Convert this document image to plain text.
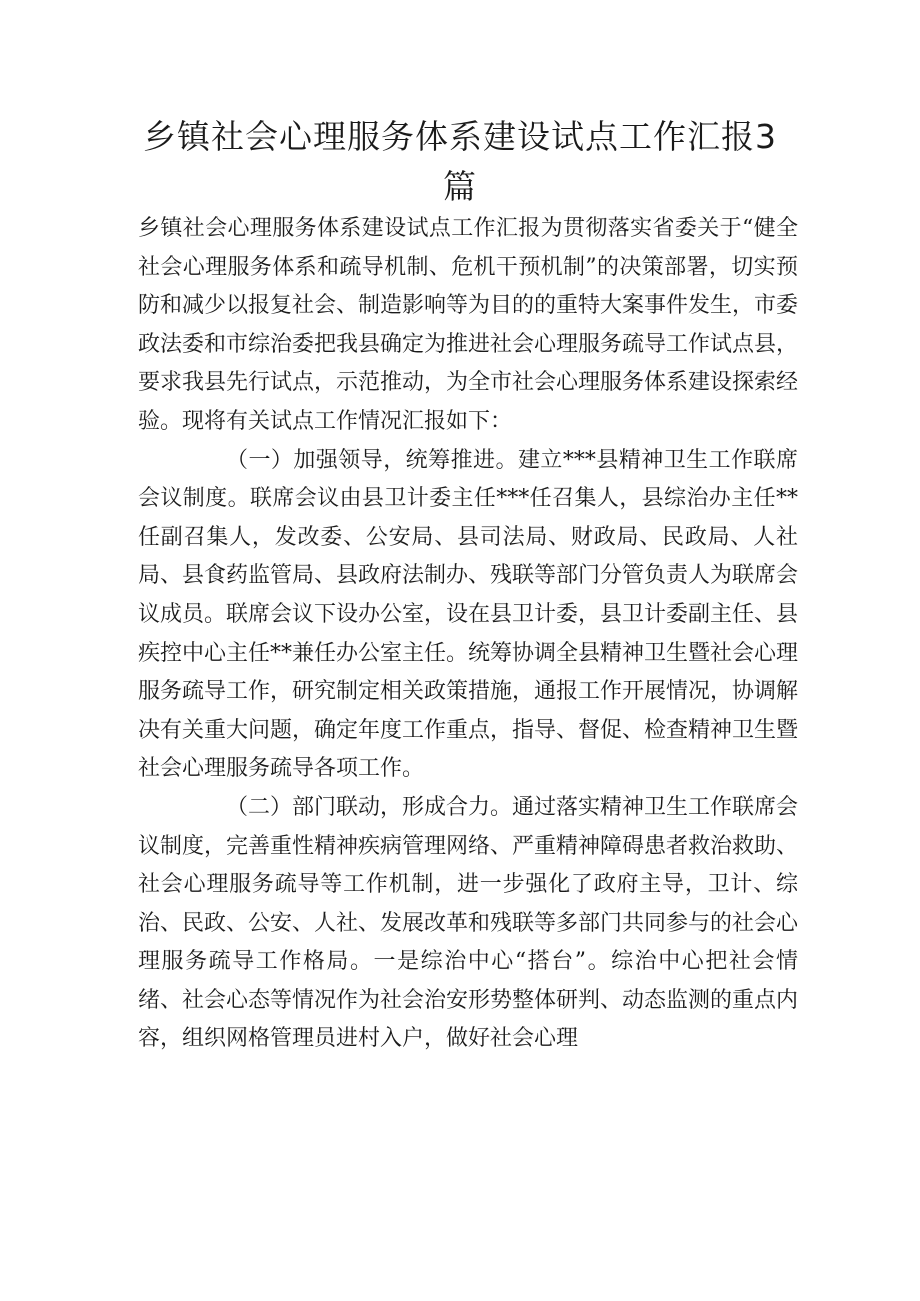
乡镇社会心理服务体系建设试点工作汇报3篇

乡镇社会心理服务体系建设试点工作汇报为贯彻落实省委关于“健全社会心理服务体系和疏导机制、危机干预机制”的决策部署，切实预防和减少以报复社会、制造影响等为目的的重特大案事件发生，市委政法委和市综治委把我县确定为推进社会心理服务疏导工作试点县，要求我县先行试点，示范推动，为全市社会心理服务体系建设探索经验。现将有关试点工作情况汇报如下：

（一）加强领导，统筹推进。建立***县精神卫生工作联席会议制度。联席会议由县卫计委主任***任召集人，县综治办主任**任副召集人，发改委、公安局、县司法局、财政局、民政局、人社局、县食药监管局、县政府法制办、残联等部门分管负责人为联席会议成员。联席会议下设办公室，设在县卫计委，县卫计委副主任、县疾控中心主任**兼任办公室主任。统筹协调全县精神卫生暨社会心理服务疏导工作，研究制定相关政策措施，通报工作开展情况，协调解决有关重大问题，确定年度工作重点，指导、督促、检查精神卫生暨社会心理服务疏导各项工作。

（二）部门联动，形成合力。通过落实精神卫生工作联席会议制度，完善重性精神疾病管理网络、严重精神障碍患者救治救助、社会心理服务疏导等工作机制，进一步强化了政府主导，卫计、综治、民政、公安、人社、发展改革和残联等多部门共同参与的社会心理服务疏导工作格局。一是综治中心“搭台”。综治中心把社会情绪、社会心态等情况作为社会治安形势整体研判、动态监测的重点内容，组织网格管理员进村入户，做好社会心理
